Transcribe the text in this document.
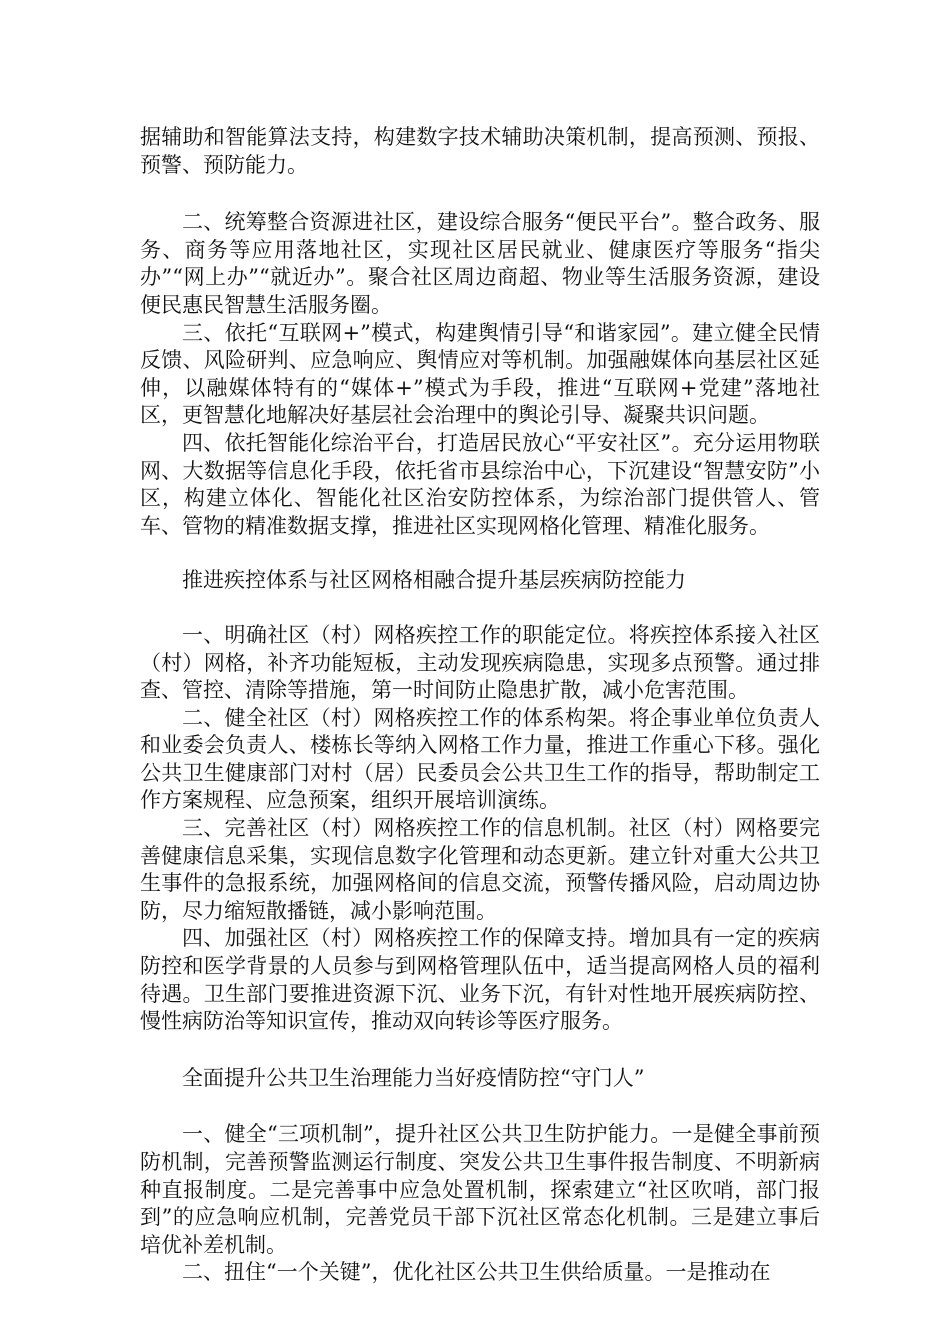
据辅助和智能算法支持，构建数字技术辅助决策机制，提高预测、预报、预警、预防能力。

二、统筹整合资源进社区，建设综合服务“便民平台”。整合政务、服务、商务等应用落地社区，实现社区居民就业、健康医疗等服务“指尖办”“网上办”“就近办”。聚合社区周边商超、物业等生活服务资源，建设便民惠民智慧生活服务圈。

三、依托“互联网+”模式，构建舆情引导“和谐家园”。建立健全民情反馈、风险研判、应急响应、舆情应对等机制。加强融媒体向基层社区延伸，以融媒体特有的“媒体+”模式为手段，推进“互联网+党建”落地社区，更智慧化地解决好基层社会治理中的舆论引导、凝聚共识问题。

四、依托智能化综治平台，打造居民放心“平安社区”。充分运用物联网、大数据等信息化手段，依托省市县综治中心，下沉建设“智慧安防”小区，构建立体化、智能化社区治安防控体系，为综治部门提供管人、管车、管物的精准数据支撑，推进社区实现网格化管理、精准化服务。

推进疾控体系与社区网格相融合提升基层疾病防控能力

一、明确社区（村）网格疾控工作的职能定位。将疾控体系接入社区（村）网格，补齐功能短板，主动发现疾病隐患，实现多点预警。通过排查、管控、清除等措施，第一时间防止隐患扩散，减小危害范围。

二、健全社区（村）网格疾控工作的体系构架。将企事业单位负责人和业委会负责人、楼栋长等纳入网格工作力量，推进工作重心下移。强化公共卫生健康部门对村（居）民委员会公共卫生工作的指导，帮助制定工作方案规程、应急预案，组织开展培训演练。

三、完善社区（村）网格疾控工作的信息机制。社区（村）网格要完善健康信息采集，实现信息数字化管理和动态更新。建立针对重大公共卫生事件的急报系统，加强网格间的信息交流，预警传播风险，启动周边协防，尽力缩短散播链，减小影响范围。

四、加强社区（村）网格疾控工作的保障支持。增加具有一定的疾病防控和医学背景的人员参与到网格管理队伍中，适当提高网格人员的福利待遇。卫生部门要推进资源下沉、业务下沉，有针对性地开展疾病防控、慢性病防治等知识宣传，推动双向转诊等医疗服务。

全面提升公共卫生治理能力当好疫情防控“守门人”

一、健全“三项机制”，提升社区公共卫生防护能力。一是健全事前预防机制，完善预警监测运行制度、突发公共卫生事件报告制度、不明新病种直报制度。二是完善事中应急处置机制，探索建立“社区吹哨，部门报到”的应急响应机制，完善党员干部下沉社区常态化机制。三是建立事后培优补差机制。

二、扭住“一个关键”，优化社区公共卫生供给质量。一是推动在
